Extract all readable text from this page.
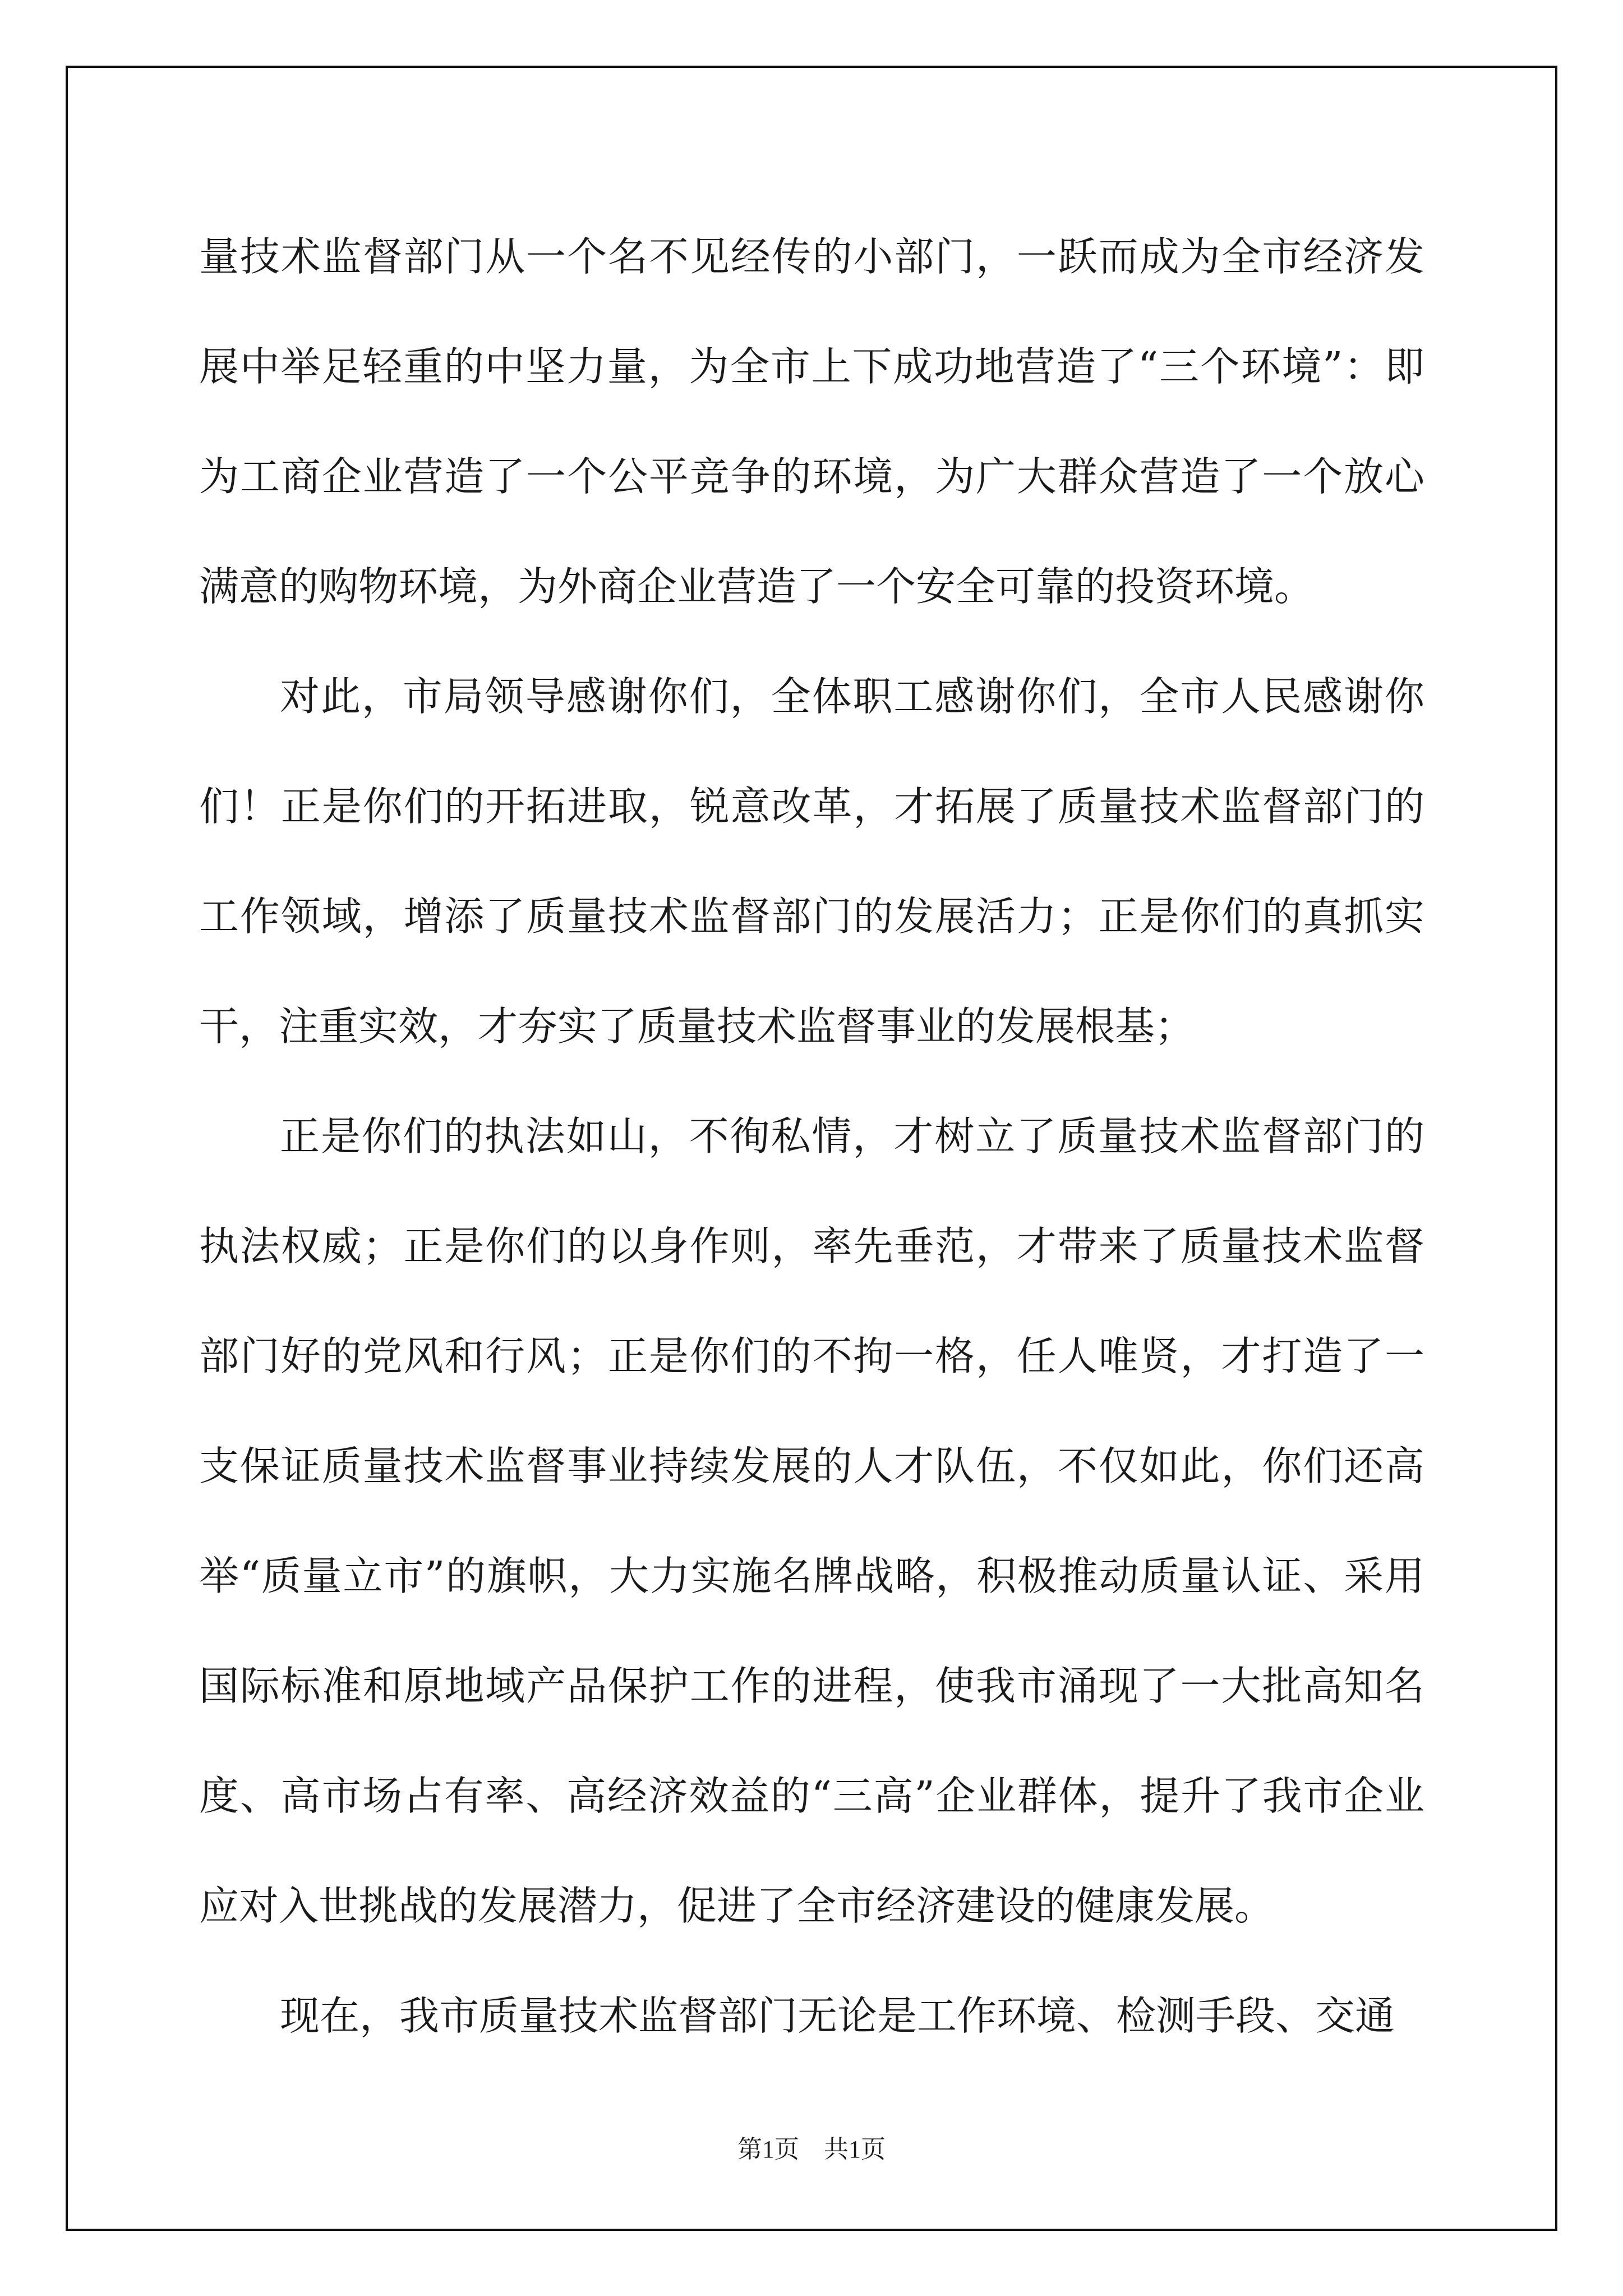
量技术监督部门从一个名不见经传的小部门，一跃而成为全市经济发展中举足轻重的中坚力量，为全市上下成功地营造了“三个环境”：即为工商企业营造了一个公平竞争的环境，为广大群众营造了一个放心满意的购物环境，为外商企业营造了一个安全可靠的投资环境。

对此，市局领导感谢你们，全体职工感谢你们，全市人民感谢你们！正是你们的开拓进取，锐意改革，才拓展了质量技术监督部门的工作领域，增添了质量技术监督部门的发展活力；正是你们的真抓实干，注重实效，才夯实了质量技术监督事业的发展根基；

正是你们的执法如山，不徇私情，才树立了质量技术监督部门的执法权威；正是你们的以身作则，率先垂范，才带来了质量技术监督部门好的党风和行风；正是你们的不拘一格，任人唯贤，才打造了一支保证质量技术监督事业持续发展的人才队伍，不仅如此，你们还高举“质量立市”的旗帜，大力实施名牌战略，积极推动质量认证、采用国际标准和原地域产品保护工作的进程，使我市涌现了一大批高知名度、高市场占有率、高经济效益的“三高”企业群体，提升了我市企业应对入世挑战的发展潜力，促进了全市经济建设的健康发展。

现在，我市质量技术监督部门无论是工作环境、检测手段、交通

第1页　共1页
